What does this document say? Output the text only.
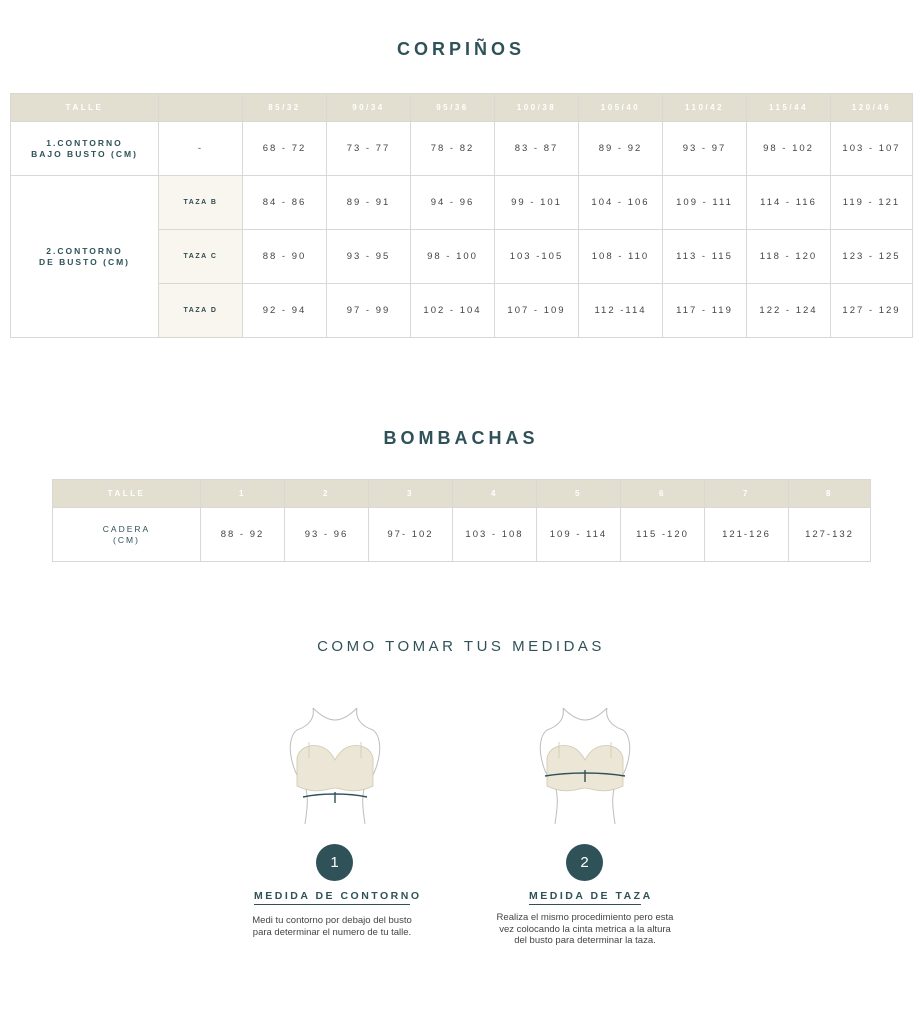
CORPIÑOS
TALLE		85/32	90/34	95/36	100/38	105/40	110/42	115/44	120/46
1.CONTORNO
BAJO BUSTO (CM)	-	68 - 72	73 - 77	78 - 82	83 - 87	89 - 92	93 - 97	98 - 102	103 - 107
2.CONTORNO
DE BUSTO (CM)	TAZA B	84 - 86	89 - 91	94 - 96	99 - 101	104 - 106	109 - 111	114 - 116	119 - 121
	TAZA C	88 - 90	93 - 95	98 - 100	103 -105	108 - 110	113 - 115	118 - 120	123 - 125
	TAZA D	92 - 94	97 - 99	102 - 104	107 - 109	112 -114	117 - 119	122 - 124	127 - 129
BOMBACHAS
TALLE	1	2	3	4	5	6	7	8
CADERA
(CM)	88 - 92	93 - 96	97- 102	103 - 108	109 - 114	115 -120	121-126	127-132
COMO TOMAR TUS MEDIDAS
1	2
MEDIDA DE CONTORNO	MEDIDA DE TAZA
Medi tu contorno por debajo del busto
para determinar el numero de tu talle.
Realiza el mismo procedimiento pero esta
vez colocando la cinta metrica a la altura
del busto para determinar la taza.
